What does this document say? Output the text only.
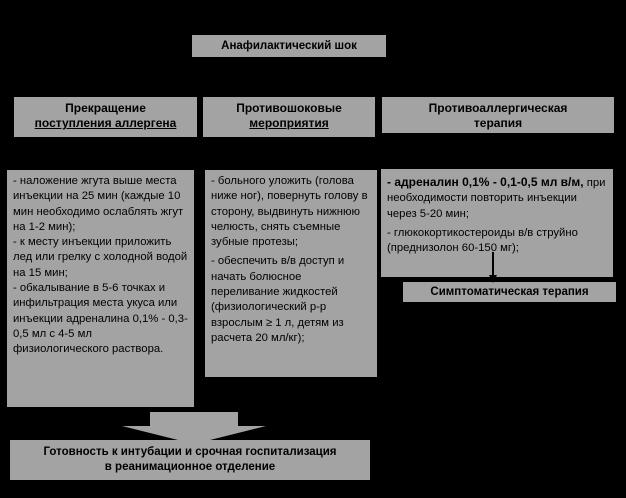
Анафилактический шок
Прекращение
поступления аллергена
Противошоковые
мероприятия
Противоаллергическая
терапия

- наложение жгута выше места инъекции на 25 мин (каждые 10 мин необходимо ослаблять жгут на 1-2 мин);

- к месту инъекции приложить лед или грелку с холодной водой на 15 мин;

- обкалывание в 5-6 точках и инфильтрация места укуса или инъекции адреналина 0,1% - 0,3-0,5 мл с 4-5 мл физиологического раствора.

- больного уложить (голова ниже ног), повернуть голову в сторону, выдвинуть нижнюю челюсть, снять съемные зубные протезы;

- обеспечить в/в доступ и начать болюсное переливание жидкостей (физиологический р-р взрослым ≥ 1 л, детям из расчета 20 мл/кг);

- адреналин 0,1% - 0,1-0,5 мл в/м, при необходимости повторить инъекции через 5-20 мин;

- глюкокортикостероиды в/в струйно (преднизолон 60-150 мг);

Симптоматическая терапия
Готовность к интубации и срочная госпитализация
в реанимационное отделение
